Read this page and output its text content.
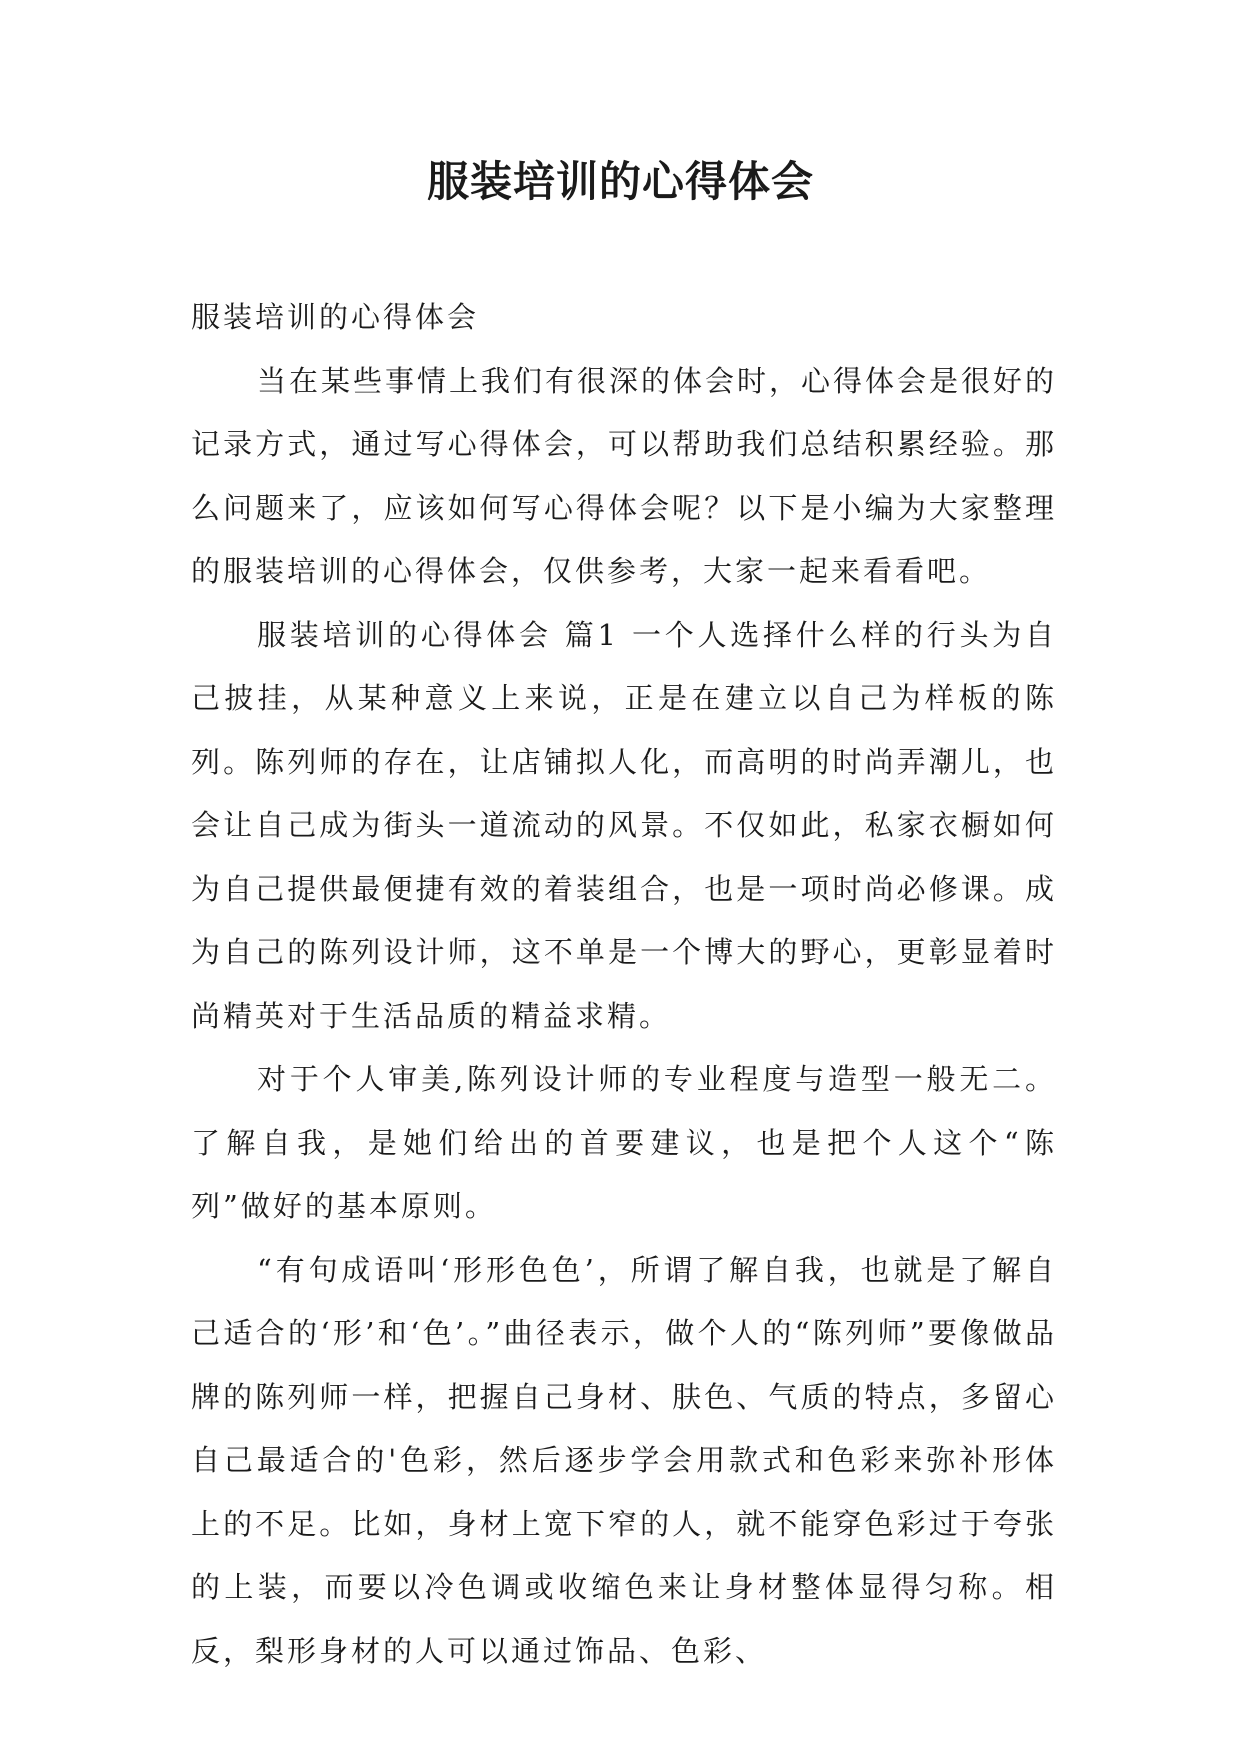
服装培训的心得体会

服装培训的心得体会

当在某些事情上我们有很深的体会时，心得体会是很好的记录方式，通过写心得体会，可以帮助我们总结积累经验。那么问题来了，应该如何写心得体会呢？以下是小编为大家整理的服装培训的心得体会，仅供参考，大家一起来看看吧。

服装培训的心得体会 篇1 一个人选择什么样的行头为自己披挂，从某种意义上来说，正是在建立以自己为样板的陈列。陈列师的存在，让店铺拟人化，而高明的时尚弄潮儿，也会让自己成为街头一道流动的风景。不仅如此，私家衣橱如何为自己提供最便捷有效的着装组合，也是一项时尚必修课。成为自己的陈列设计师，这不单是一个博大的野心，更彰显着时尚精英对于生活品质的精益求精。

对于个人审美,陈列设计师的专业程度与造型一般无二。了解自我，是她们给出的首要建议，也是把个人这个“陈列”做好的基本原则。

“有句成语叫‘形形色色’，所谓了解自我，也就是了解自己适合的‘形’和‘色’。”曲径表示，做个人的“陈列师”要像做品牌的陈列师一样，把握自己身材、肤色、气质的特点，多留心自己最适合的'色彩，然后逐步学会用款式和色彩来弥补形体上的不足。比如，身材上宽下窄的人，就不能穿色彩过于夸张的上装，而要以冷色调或收缩色来让身材整体显得匀称。相反，梨形身材的人可以通过饰品、色彩、
